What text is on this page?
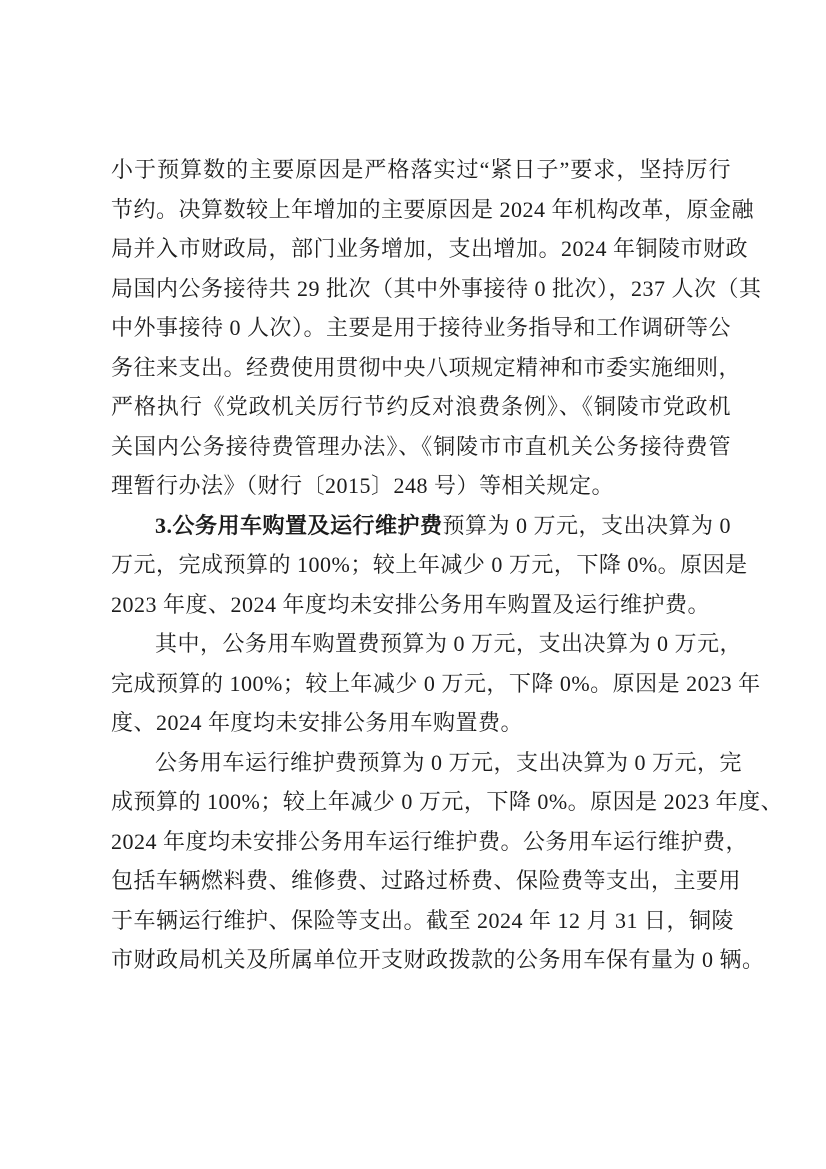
小于预算数的主要原因是严格落实过“紧日子”要求，坚持厉行
节约。决算数较上年增加的主要原因是 2024 年机构改革，原金融
局并入市财政局，部门业务增加，支出增加。2024 年铜陵市财政
局国内公务接待共 29 批次（其中外事接待 0 批次），237 人次（其
中外事接待 0 人次）。主要是用于接待业务指导和工作调研等公
务往来支出。经费使用贯彻中央八项规定精神和市委实施细则，
严格执行《党政机关厉行节约反对浪费条例》、《铜陵市党政机
关国内公务接待费管理办法》、《铜陵市市直机关公务接待费管
理暂行办法》（财行〔2015〕248 号）等相关规定。
3.公务用车购置及运行维护费预算为 0 万元，支出决算为 0
万元，完成预算的 100%；较上年减少 0 万元，下降 0%。原因是
2023 年度、2024 年度均未安排公务用车购置及运行维护费。
其中，公务用车购置费预算为 0 万元，支出决算为 0 万元，
完成预算的 100%；较上年减少 0 万元，下降 0%。原因是 2023 年
度、2024 年度均未安排公务用车购置费。
公务用车运行维护费预算为 0 万元，支出决算为 0 万元，完
成预算的 100%；较上年减少 0 万元，下降 0%。原因是 2023 年度、
2024 年度均未安排公务用车运行维护费。公务用车运行维护费，
包括车辆燃料费、维修费、过路过桥费、保险费等支出，主要用
于车辆运行维护、保险等支出。截至 2024 年 12 月 31 日，铜陵
市财政局机关及所属单位开支财政拨款的公务用车保有量为 0 辆。
